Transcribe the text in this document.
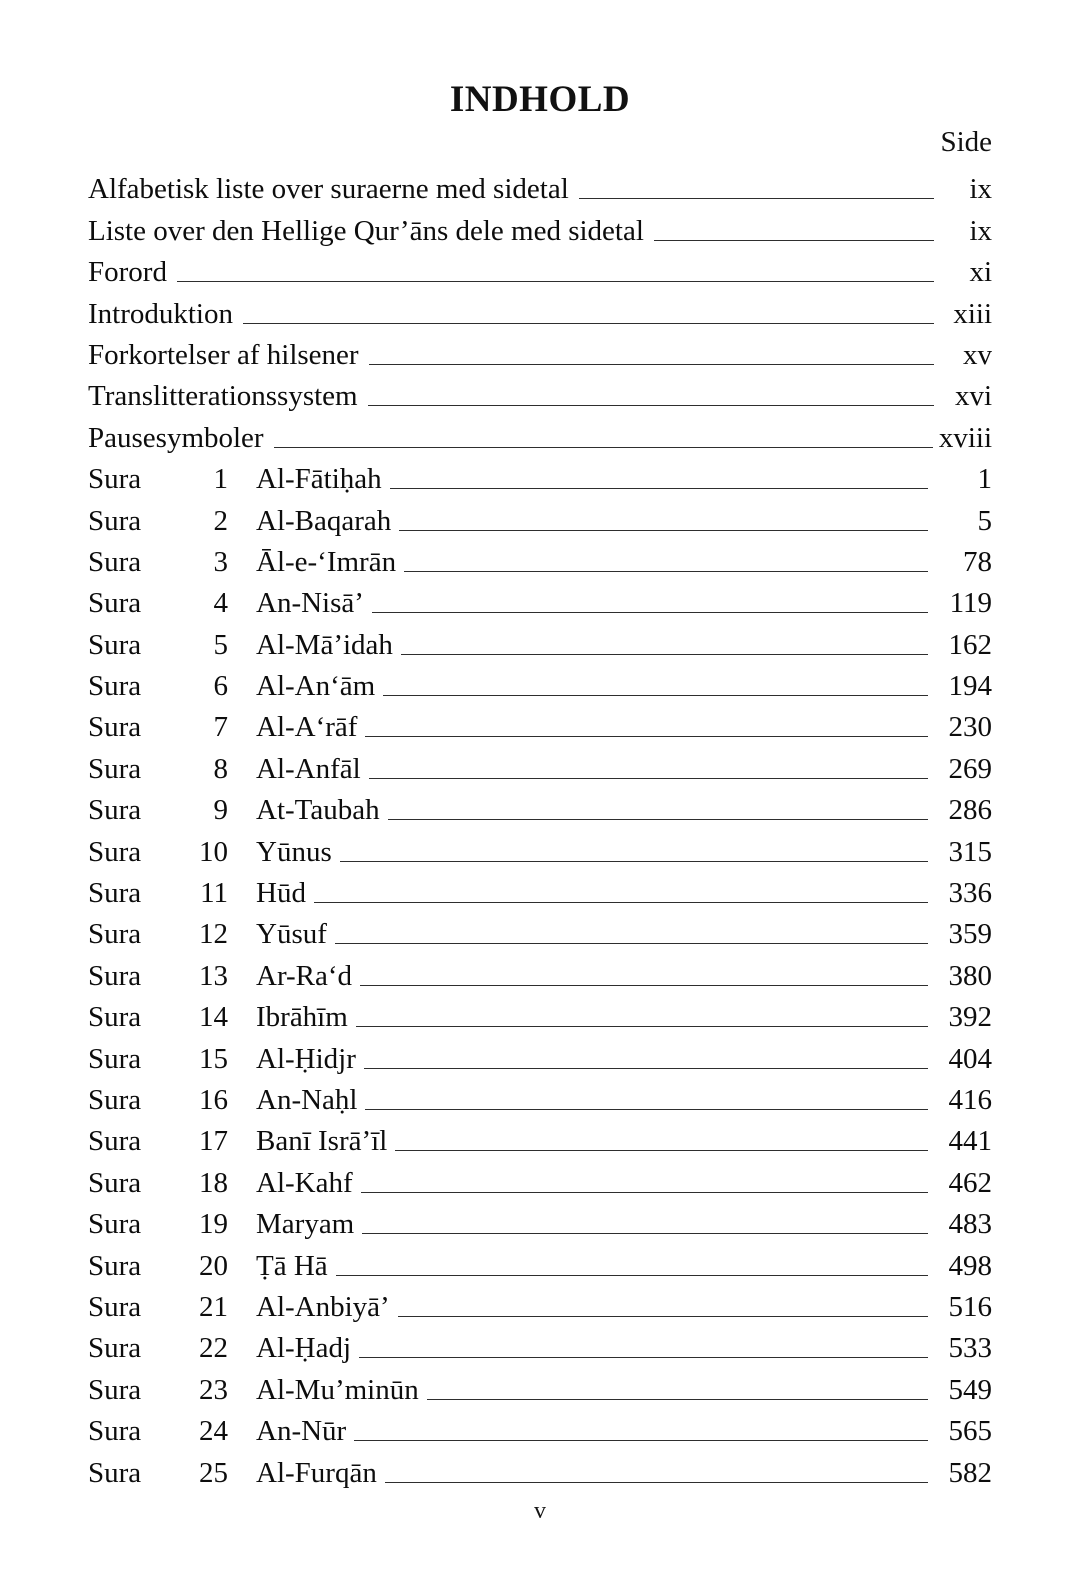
INDHOLD
Side
Alfabetisk liste over suraerne med sidetal	ix
Liste over den Hellige Qur’āns dele med sidetal	ix
Forord	xi
Introduktion	xiii
Forkortelser af hilsener	xv
Translitterationssystem	xvi
Pausesymboler	xviii
Sura	1 Al-Fātiḥah	1
Sura	2 Al-Baqarah	5
Sura	3 Āl-e-‘Imrān	78
Sura	4 An-Nisā’	119
Sura	5 Al-Mā’idah	162
Sura	6 Al-An‘ām	194
Sura	7 Al-A‘rāf	230
Sura	8 Al-Anfāl	269
Sura	9 At-Taubah	286
Sura	10 Yūnus	315
Sura	11 Hūd	336
Sura	12 Yūsuf	359
Sura	13 Ar-Ra‘d	380
Sura	14 Ibrāhīm	392
Sura	15 Al-Ḥidjr	404
Sura	16 An-Naḥl	416
Sura	17 Banī Isrā’īl	441
Sura	18 Al-Kahf	462
Sura	19 Maryam	483
Sura	20 Ṭā Hā	498
Sura	21 Al-Anbiyā’	516
Sura	22 Al-Ḥadj	533
Sura	23 Al-Mu’minūn	549
Sura	24 An-Nūr	565
Sura	25 Al-Furqān	582
v
